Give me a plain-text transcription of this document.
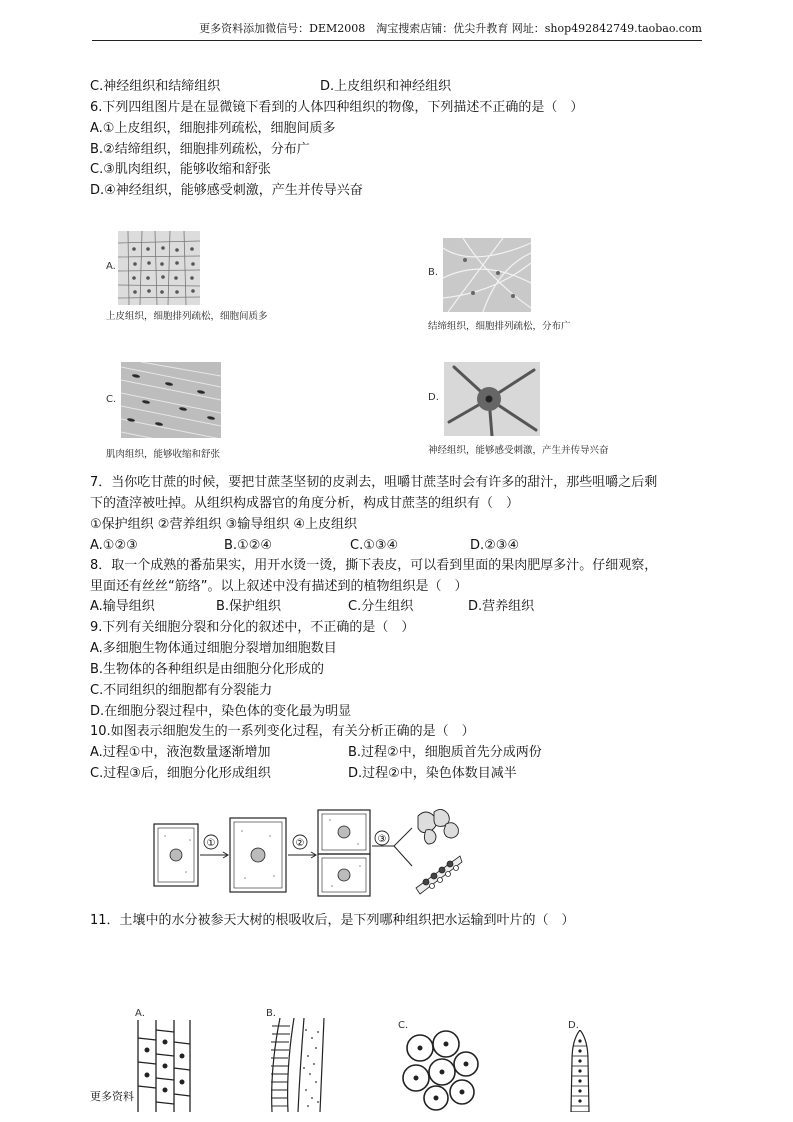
更多资料添加微信号：DEM2008　淘宝搜索店铺：优尖升教育 网址：shop492842749.taobao.com
C.神经组织和结缔组织	D.上皮组织和神经组织
6.下列四组图片是在显微镜下看到的人体四种组织的物像，下列描述不正确的是（　）
A.①上皮组织，细胞排列疏松，细胞间质多
B.②结缔组织，细胞排列疏松，分布广
C.③肌肉组织，能够收缩和舒张
D.④神经组织，能够感受刺激，产生并传导兴奋
A.
上皮组织，细胞排列疏松，细胞间质多
B.
结缔组织，细胞排列疏松，分布广
C.
肌肉组织，能够收缩和舒张
D.
神经组织，能够感受刺激，产生并传导兴奋
7．当你吃甘蔗的时候，要把甘蔗茎坚韧的皮剥去，咀嚼甘蔗茎时会有许多的甜汁，那些咀嚼之后剩
下的渣滓被吐掉。从组织构成器官的角度分析，构成甘蔗茎的组织有（　）
①保护组织 ②营养组织 ③输导组织 ④上皮组织
A.①②③	B.①②④	C.①③④	D.②③④
8．取一个成熟的番茄果实，用开水烫一烫，撕下表皮，可以看到里面的果肉肥厚多汁。仔细观察，
里面还有丝丝“筋络”。以上叙述中没有描述到的植物组织是（　）
A.输导组织	B.保护组织	C.分生组织	D.营养组织
9.下列有关细胞分裂和分化的叙述中，不正确的是（　）
A.多细胞生物体通过细胞分裂增加细胞数目
B.生物体的各种组织是由细胞分化形成的
C.不同组织的细胞都有分裂能力
D.在细胞分裂过程中，染色体的变化最为明显
10.如图表示细胞发生的一系列变化过程，有关分析正确的是（　）
A.过程①中，液泡数量逐渐增加	B.过程②中，细胞质首先分成两份
C.过程③后，细胞分化形成组织	D.过程②中，染色体数目减半
①	②	③
11．土壤中的水分被参天大树的根吸收后，是下列哪种组织把水运输到叶片的（　）
A．	B．
C．	D．
更多资料
